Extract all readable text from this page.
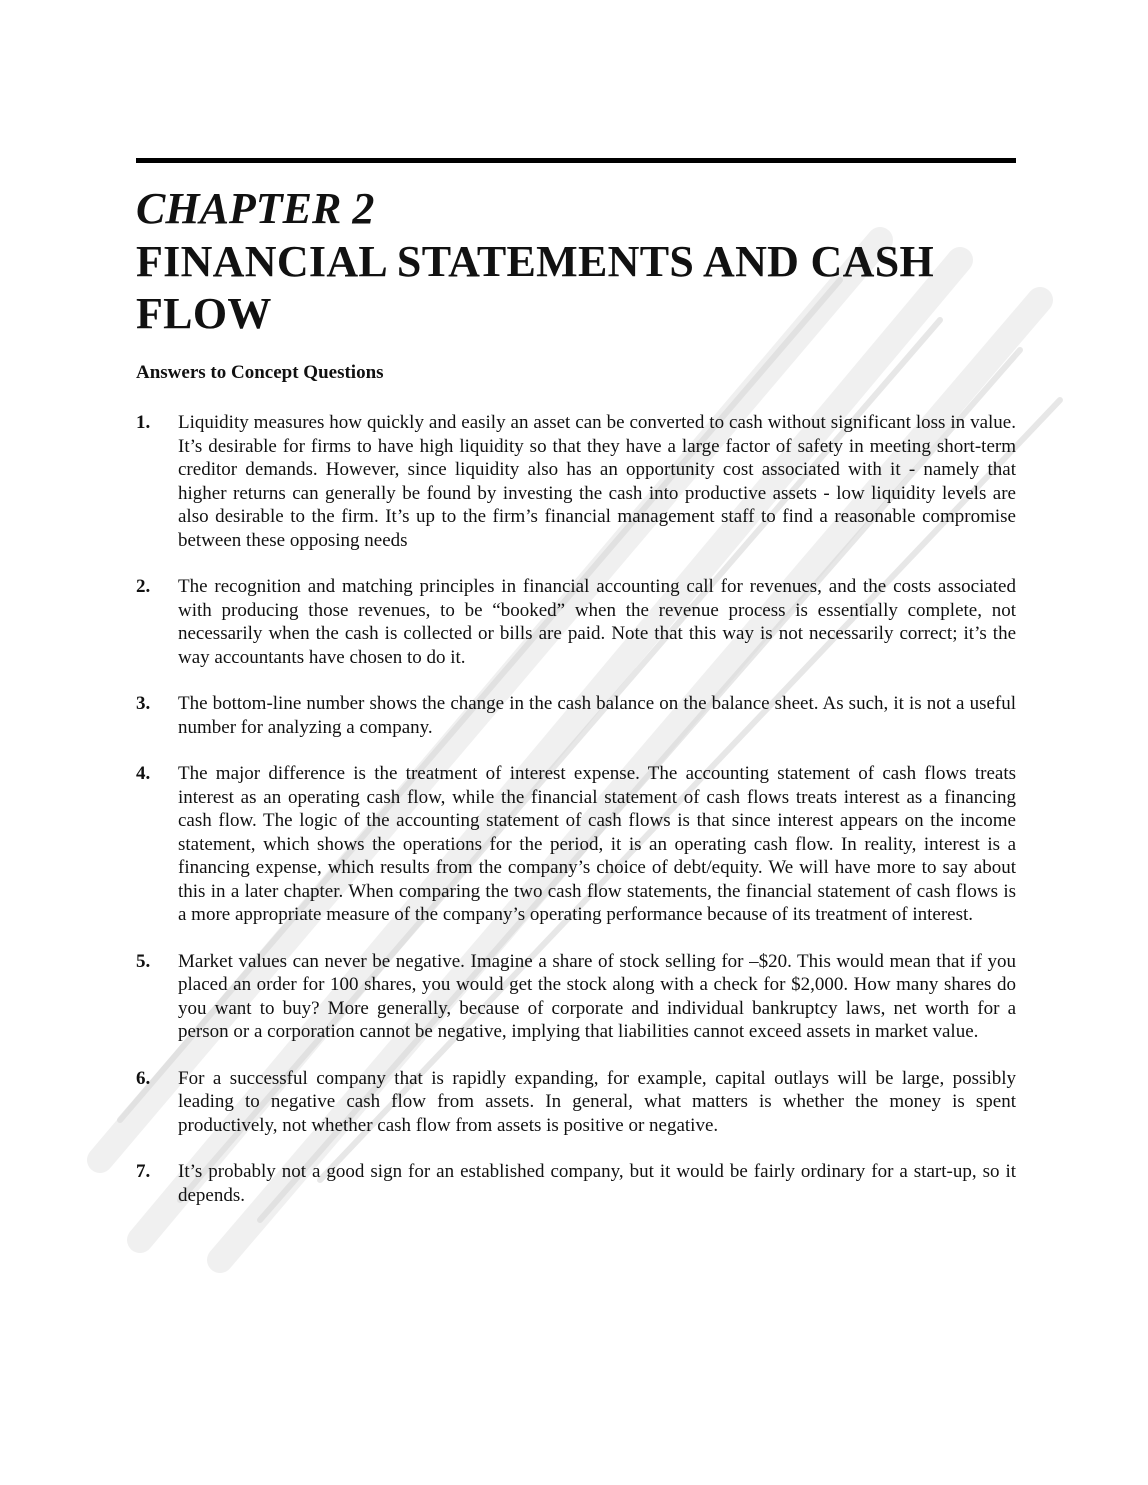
CHAPTER 2
FINANCIAL STATEMENTS AND CASH FLOW
Answers to Concept Questions
1. Liquidity measures how quickly and easily an asset can be converted to cash without significant loss in value. It’s desirable for firms to have high liquidity so that they have a large factor of safety in meeting short-term creditor demands. However, since liquidity also has an opportunity cost associated with it - namely that higher returns can generally be found by investing the cash into productive assets - low liquidity levels are also desirable to the firm. It’s up to the firm’s financial management staff to find a reasonable compromise between these opposing needs
2. The recognition and matching principles in financial accounting call for revenues, and the costs associated with producing those revenues, to be “booked” when the revenue process is essentially complete, not necessarily when the cash is collected or bills are paid. Note that this way is not necessarily correct; it’s the way accountants have chosen to do it.
3. The bottom-line number shows the change in the cash balance on the balance sheet. As such, it is not a useful number for analyzing a company.
4. The major difference is the treatment of interest expense. The accounting statement of cash flows treats interest as an operating cash flow, while the financial statement of cash flows treats interest as a financing cash flow. The logic of the accounting statement of cash flows is that since interest appears on the income statement, which shows the operations for the period, it is an operating cash flow. In reality, interest is a financing expense, which results from the company’s choice of debt/equity. We will have more to say about this in a later chapter. When comparing the two cash flow statements, the financial statement of cash flows is a more appropriate measure of the company’s operating performance because of its treatment of interest.
5. Market values can never be negative. Imagine a share of stock selling for –$20. This would mean that if you placed an order for 100 shares, you would get the stock along with a check for $2,000. How many shares do you want to buy? More generally, because of corporate and individual bankruptcy laws, net worth for a person or a corporation cannot be negative, implying that liabilities cannot exceed assets in market value.
6. For a successful company that is rapidly expanding, for example, capital outlays will be large, possibly leading to negative cash flow from assets. In general, what matters is whether the money is spent productively, not whether cash flow from assets is positive or negative.
7. It’s probably not a good sign for an established company, but it would be fairly ordinary for a start-up, so it depends.
